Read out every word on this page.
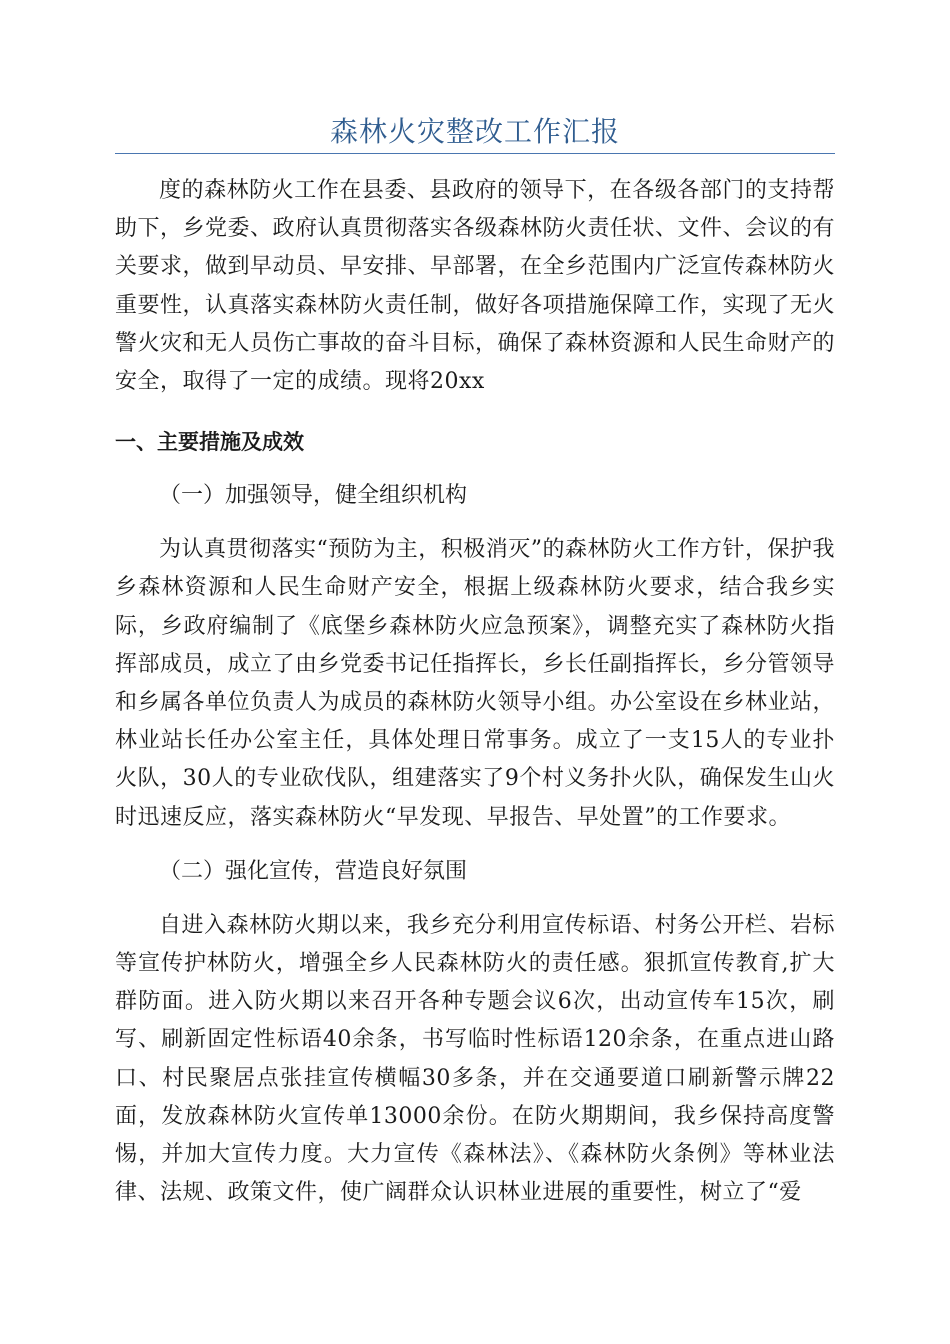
森林火灾整改工作汇报

度的森林防火工作在县委、县政府的领导下，在各级各部门的支持帮助下，乡党委、政府认真贯彻落实各级森林防火责任状、文件、会议的有关要求，做到早动员、早安排、早部署，在全乡范围内广泛宣传森林防火重要性，认真落实森林防火责任制，做好各项措施保障工作，实现了无火警火灾和无人员伤亡事故的奋斗目标，确保了森林资源和人民生命财产的安全，取得了一定的成绩。现将20xx

一、主要措施及成效

（一）加强领导，健全组织机构

为认真贯彻落实“预防为主，积极消灭”的森林防火工作方针，保护我乡森林资源和人民生命财产安全，根据上级森林防火要求，结合我乡实际，乡政府编制了《底堡乡森林防火应急预案》，调整充实了森林防火指挥部成员，成立了由乡党委书记任指挥长，乡长任副指挥长，乡分管领导和乡属各单位负责人为成员的森林防火领导小组。办公室设在乡林业站，林业站长任办公室主任，具体处理日常事务。成立了一支15人的专业扑火队，30人的专业砍伐队，组建落实了9个村义务扑火队，确保发生山火时迅速反应，落实森林防火“早发现、早报告、早处置”的工作要求。

（二）强化宣传，营造良好氛围

自进入森林防火期以来，我乡充分利用宣传标语、村务公开栏、岩标等宣传护林防火，增强全乡人民森林防火的责任感。狠抓宣传教育,扩大群防面。进入防火期以来召开各种专题会议6次，出动宣传车15次，刷写、刷新固定性标语40余条，书写临时性标语120余条，在重点进山路口、村民聚居点张挂宣传横幅30多条，并在交通要道口刷新警示牌22面，发放森林防火宣传单13000余份。在防火期期间，我乡保持高度警惕，并加大宣传力度。大力宣传《森林法》、《森林防火条例》等林业法律、法规、政策文件，使广阔群众认识林业进展的重要性，树立了“爱
